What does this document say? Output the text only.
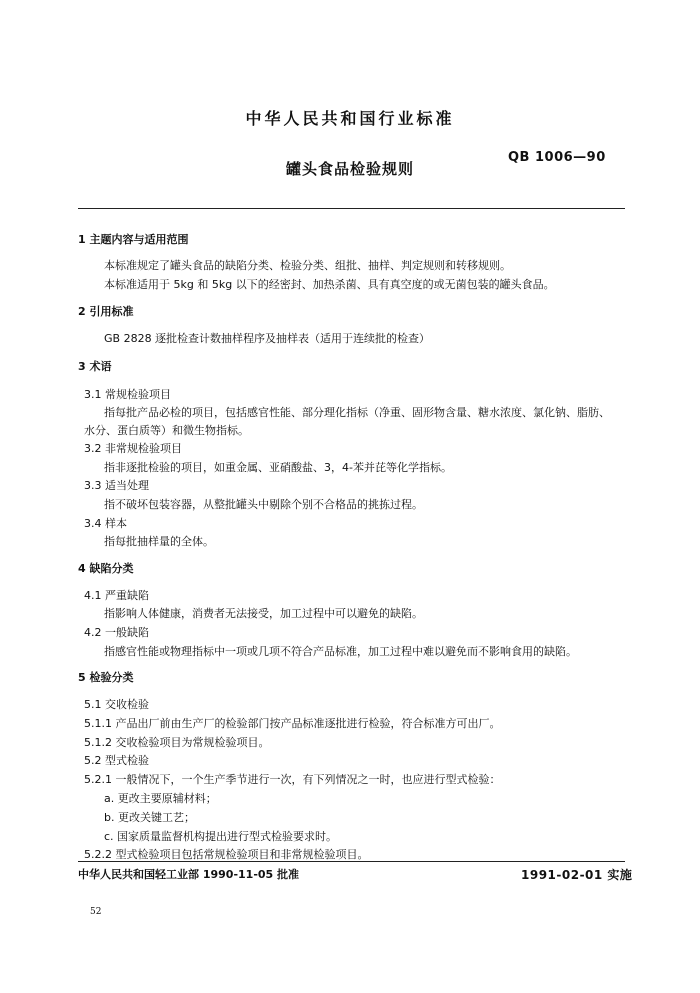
中华人民共和国行业标准
罐头食品检验规则
QB 1006—90
1 主题内容与适用范围
本标准规定了罐头食品的缺陷分类、检验分类、组批、抽样、判定规则和转移规则。
本标准适用于 5kg 和 5kg 以下的经密封、加热杀菌、具有真空度的或无菌包装的罐头食品。
2 引用标准
GB 2828 逐批检查计数抽样程序及抽样表（适用于连续批的检查）
3 术语
3.1 常规检验项目
指每批产品必检的项目，包括感官性能、部分理化指标（净重、固形物含量、糖水浓度、氯化钠、脂肪、
水分、蛋白质等）和微生物指标。
3.2 非常规检验项目
指非逐批检验的项目，如重金属、亚硝酸盐、3，4-苯并芘等化学指标。
3.3 适当处理
指不破坏包装容器，从整批罐头中剔除个别不合格品的挑拣过程。
3.4 样本
指每批抽样量的全体。
4 缺陷分类
4.1 严重缺陷
指影响人体健康，消费者无法接受，加工过程中可以避免的缺陷。
4.2 一般缺陷
指感官性能或物理指标中一项或几项不符合产品标准，加工过程中难以避免而不影响食用的缺陷。
5 检验分类
5.1 交收检验
5.1.1 产品出厂前由生产厂的检验部门按产品标准逐批进行检验，符合标准方可出厂。
5.1.2 交收检验项目为常规检验项目。
5.2 型式检验
5.2.1 一般情况下，一个生产季节进行一次，有下列情况之一时，也应进行型式检验：
a. 更改主要原辅材料；
b. 更改关键工艺；
c. 国家质量监督机构提出进行型式检验要求时。
5.2.2 型式检验项目包括常规检验项目和非常规检验项目。
中华人民共和国轻工业部 1990-11-05 批准	1991-02-01 实施
52
